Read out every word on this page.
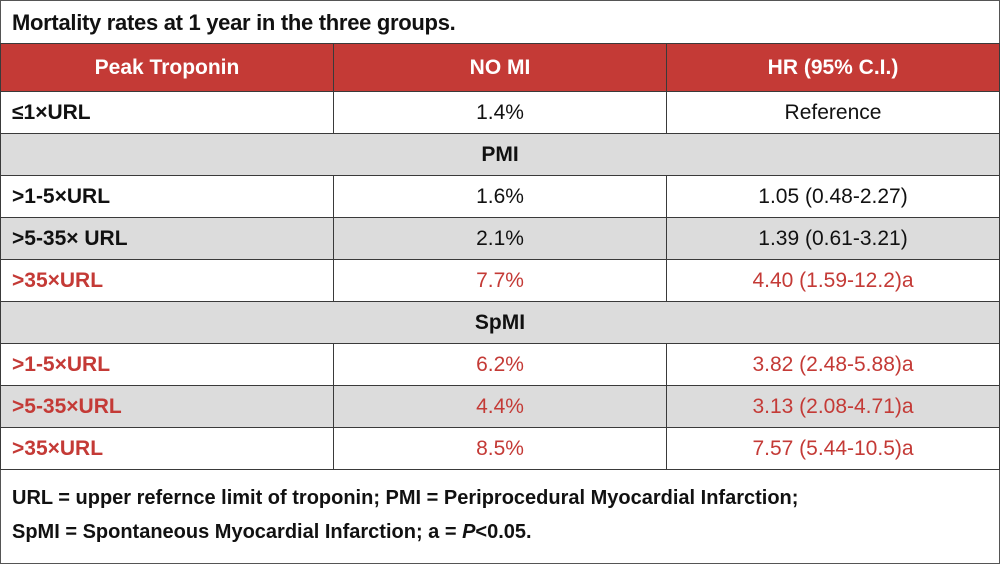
Mortality rates at 1 year in the three groups.
Peak Troponin	NO MI	HR (95% C.I.)
≤1×URL	1.4%	Reference
PMI		
>1-5×URL	1.6%	1.05 (0.48-2.27)
>5-35× URL	2.1%	1.39 (0.61-3.21)
>35×URL	7.7%	4.40 (1.59-12.2)a
SpMI		
>1-5×URL	6.2%	3.82 (2.48-5.88)a
>5-35×URL	4.4%	3.13 (2.08-4.71)a
>35×URL	8.5%	7.57 (5.44-10.5)a
URL = upper refernce limit of troponin; PMI = Periprocedural Myocardial Infarction;
SpMI = Spontaneous Myocardial Infarction; a = P<0.05.
